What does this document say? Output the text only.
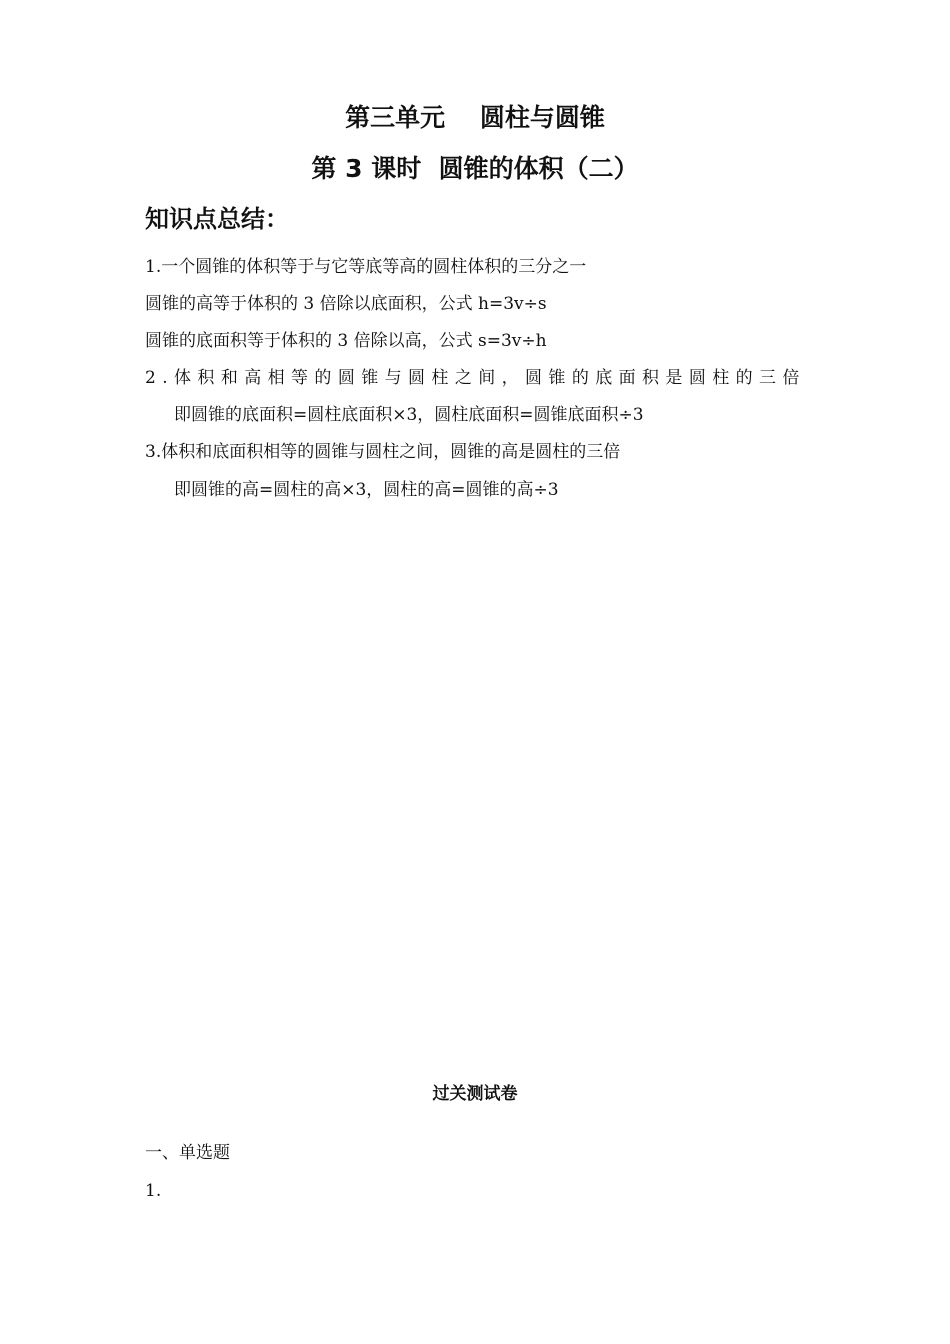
第三单元    圆柱与圆锥
第 3 课时  圆锥的体积（二）
知识点总结：
1.一个圆锥的体积等于与它等底等高的圆柱体积的三分之一
圆锥的高等于体积的 3 倍除以底面积，公式 h=3v÷s
圆锥的底面积等于体积的 3 倍除以高，公式 s=3v÷h
2.体积和高相等的圆锥与圆柱之间，圆锥的底面积是圆柱的三倍
即圆锥的底面积=圆柱底面积×3，圆柱底面积=圆锥底面积÷3
3.体积和底面积相等的圆锥与圆柱之间，圆锥的高是圆柱的三倍
即圆锥的高=圆柱的高×3，圆柱的高=圆锥的高÷3
过关测试卷
一、单选题
1.
